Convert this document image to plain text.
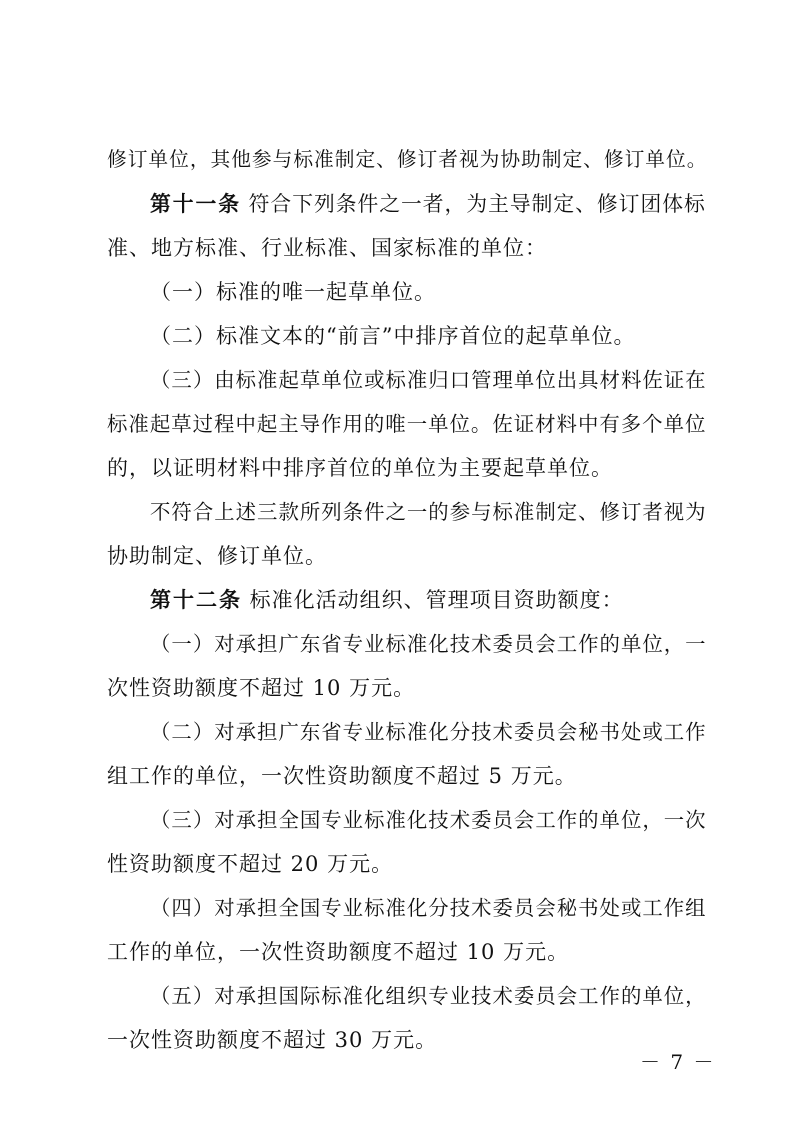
修订单位，其他参与标准制定、修订者视为协助制定、修订单位。
第十一条 符合下列条件之一者，为主导制定、修订团体标
准、地方标准、行业标准、国家标准的单位：
（一）标准的唯一起草单位。
（二）标准文本的“前言”中排序首位的起草单位。
（三）由标准起草单位或标准归口管理单位出具材料佐证在
标准起草过程中起主导作用的唯一单位。佐证材料中有多个单位
的，以证明材料中排序首位的单位为主要起草单位。
不符合上述三款所列条件之一的参与标准制定、修订者视为
协助制定、修订单位。
第十二条 标准化活动组织、管理项目资助额度：
（一）对承担广东省专业标准化技术委员会工作的单位，一
次性资助额度不超过 10 万元。
（二）对承担广东省专业标准化分技术委员会秘书处或工作
组工作的单位，一次性资助额度不超过 5 万元。
（三）对承担全国专业标准化技术委员会工作的单位，一次
性资助额度不超过 20 万元。
（四）对承担全国专业标准化分技术委员会秘书处或工作组
工作的单位，一次性资助额度不超过 10 万元。
（五）对承担国际标准化组织专业技术委员会工作的单位，
一次性资助额度不超过 30 万元。
－ 7 －
